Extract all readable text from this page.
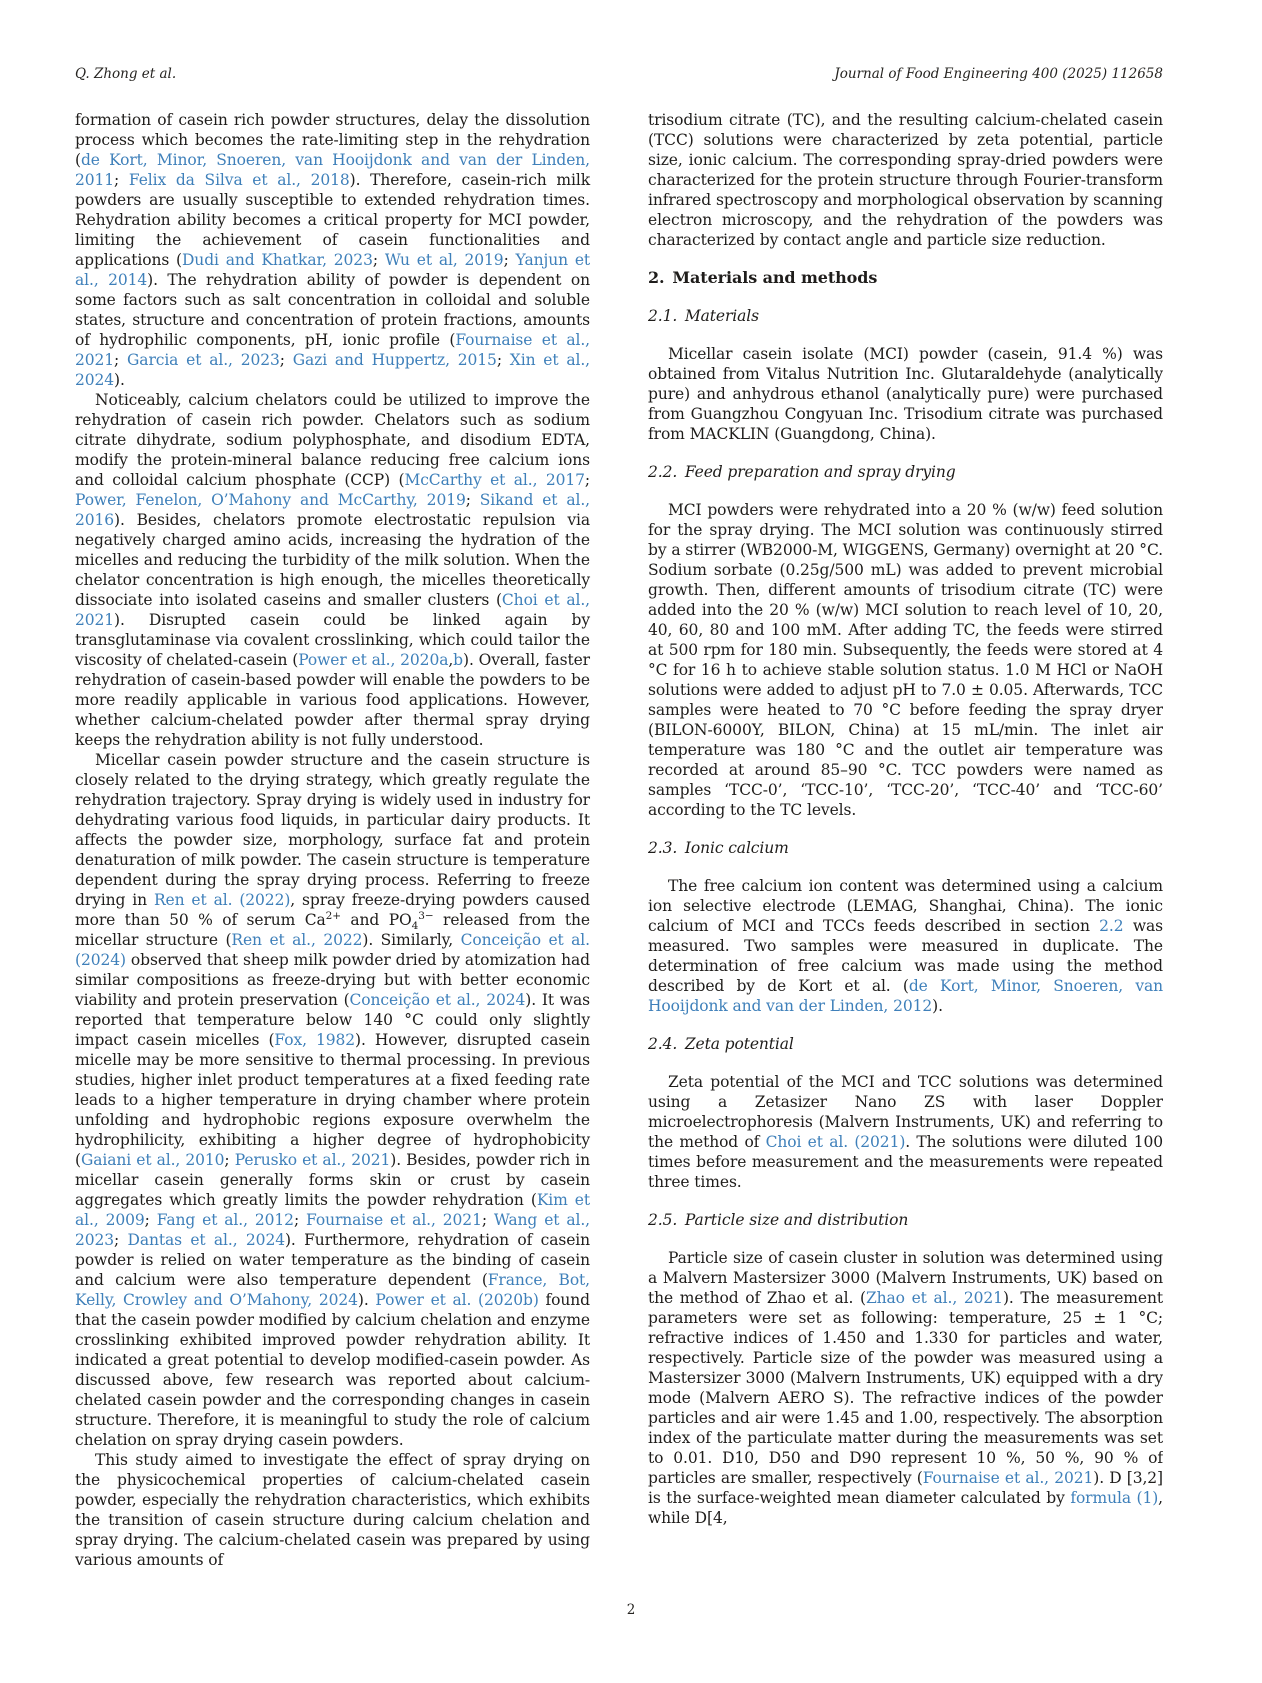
Q. Zhong et al.	Journal of Food Engineering 400 (2025) 112658

formation of casein rich powder structures, delay the dissolution process which becomes the rate-limiting step in the rehydration (de Kort, Minor, Snoeren, van Hooijdonk and van der Linden, 2011; Felix da Silva et al., 2018). Therefore, casein-rich milk powders are usually susceptible to extended rehydration times. Rehydration ability becomes a critical property for MCI powder, limiting the achievement of casein functionalities and applications (Dudi and Khatkar, 2023; Wu et al, 2019; Yanjun et al., 2014). The rehydration ability of powder is dependent on some factors such as salt concentration in colloidal and soluble states, structure and concentration of protein fractions, amounts of hydrophilic components, pH, ionic profile (Fournaise et al., 2021; Garcia et al., 2023; Gazi and Huppertz, 2015; Xin et al., 2024).

Noticeably, calcium chelators could be utilized to improve the rehydration of casein rich powder. Chelators such as sodium citrate dihydrate, sodium polyphosphate, and disodium EDTA, modify the protein-mineral balance reducing free calcium ions and colloidal calcium phosphate (CCP) (McCarthy et al., 2017; Power, Fenelon, O’Mahony and McCarthy, 2019; Sikand et al., 2016). Besides, chelators promote electrostatic repulsion via negatively charged amino acids, increasing the hydration of the micelles and reducing the turbidity of the milk solution. When the chelator concentration is high enough, the micelles theoretically dissociate into isolated caseins and smaller clusters (Choi et al., 2021). Disrupted casein could be linked again by transglutaminase via covalent crosslinking, which could tailor the viscosity of chelated-casein (Power et al., 2020a,b). Overall, faster rehydration of casein-based powder will enable the powders to be more readily applicable in various food applications. However, whether calcium-chelated powder after thermal spray drying keeps the rehydration ability is not fully understood.

Micellar casein powder structure and the casein structure is closely related to the drying strategy, which greatly regulate the rehydration trajectory. Spray drying is widely used in industry for dehydrating various food liquids, in particular dairy products. It affects the powder size, morphology, surface fat and protein denaturation of milk powder. The casein structure is temperature dependent during the spray drying process. Referring to freeze drying in Ren et al. (2022), spray freeze-drying powders caused more than 50 % of serum $Ca^{2+}$ and $PO_4^{3-}$ released from the micellar structure (Ren et al., 2022). Similarly, Conceição et al. (2024) observed that sheep milk powder dried by atomization had similar compositions as freeze-drying but with better economic viability and protein preservation (Conceição et al., 2024). It was reported that temperature below 140 °C could only slightly impact casein micelles (Fox, 1982). However, disrupted casein micelle may be more sensitive to thermal processing. In previous studies, higher inlet product temperatures at a fixed feeding rate leads to a higher temperature in drying chamber where protein unfolding and hydrophobic regions exposure overwhelm the hydrophilicity, exhibiting a higher degree of hydrophobicity (Gaiani et al., 2010; Perusko et al., 2021). Besides, powder rich in micellar casein generally forms skin or crust by casein aggregates which greatly limits the powder rehydration (Kim et al., 2009; Fang et al., 2012; Fournaise et al., 2021; Wang et al., 2023; Dantas et al., 2024). Furthermore, rehydration of casein powder is relied on water temperature as the binding of casein and calcium were also temperature dependent (France, Bot, Kelly, Crowley and O’Mahony, 2024). Power et al. (2020b) found that the casein powder modified by calcium chelation and enzyme crosslinking exhibited improved powder rehydration ability. It indicated a great potential to develop modified-casein powder. As discussed above, few research was reported about calcium-chelated casein powder and the corresponding changes in casein structure. Therefore, it is meaningful to study the role of calcium chelation on spray drying casein powders.

This study aimed to investigate the effect of spray drying on the physicochemical properties of calcium-chelated casein powder, especially the rehydration characteristics, which exhibits the transition of casein structure during calcium chelation and spray drying. The calcium-chelated casein was prepared by using various amounts of

trisodium citrate (TC), and the resulting calcium-chelated casein (TCC) solutions were characterized by zeta potential, particle size, ionic calcium. The corresponding spray-dried powders were characterized for the protein structure through Fourier-transform infrared spectroscopy and morphological observation by scanning electron microscopy, and the rehydration of the powders was characterized by contact angle and particle size reduction.

2. Materials and methods
2.1. Materials

Micellar casein isolate (MCI) powder (casein, 91.4 %) was obtained from Vitalus Nutrition Inc. Glutaraldehyde (analytically pure) and anhydrous ethanol (analytically pure) were purchased from Guangzhou Congyuan Inc. Trisodium citrate was purchased from MACKLIN (Guangdong, China).

2.2. Feed preparation and spray drying

MCI powders were rehydrated into a 20 % (w/w) feed solution for the spray drying. The MCI solution was continuously stirred by a stirrer (WB2000-M, WIGGENS, Germany) overnight at 20 °C. Sodium sorbate (0.25g/500 mL) was added to prevent microbial growth. Then, different amounts of trisodium citrate (TC) were added into the 20 % (w/w) MCI solution to reach level of 10, 20, 40, 60, 80 and 100 mM. After adding TC, the feeds were stirred at 500 rpm for 180 min. Subsequently, the feeds were stored at 4 °C for 16 h to achieve stable solution status. 1.0 M HCl or NaOH solutions were added to adjust pH to 7.0 ± 0.05. Afterwards, TCC samples were heated to 70 °C before feeding the spray dryer (BILON-6000Y, BILON, China) at 15 mL/min. The inlet air temperature was 180 °C and the outlet air temperature was recorded at around 85–90 °C. TCC powders were named as samples ‘TCC-0’, ‘TCC-10’, ‘TCC-20’, ‘TCC-40’ and ‘TCC-60’ according to the TC levels.

2.3. Ionic calcium

The free calcium ion content was determined using a calcium ion selective electrode (LEMAG, Shanghai, China). The ionic calcium of MCI and TCCs feeds described in section 2.2 was measured. Two samples were measured in duplicate. The determination of free calcium was made using the method described by de Kort et al. (de Kort, Minor, Snoeren, van Hooijdonk and van der Linden, 2012).

2.4. Zeta potential

Zeta potential of the MCI and TCC solutions was determined using a Zetasizer Nano ZS with laser Doppler microelectrophoresis (Malvern Instruments, UK) and referring to the method of Choi et al. (2021). The solutions were diluted 100 times before measurement and the measurements were repeated three times.

2.5. Particle size and distribution

Particle size of casein cluster in solution was determined using a Malvern Mastersizer 3000 (Malvern Instruments, UK) based on the method of Zhao et al. (Zhao et al., 2021). The measurement parameters were set as following: temperature, 25 ± 1 °C; refractive indices of 1.450 and 1.330 for particles and water, respectively. Particle size of the powder was measured using a Mastersizer 3000 (Malvern Instruments, UK) equipped with a dry mode (Malvern AERO S). The refractive indices of the powder particles and air were 1.45 and 1.00, respectively. The absorption index of the particulate matter during the measurements was set to 0.01. D10, D50 and D90 represent 10 %, 50 %, 90 % of particles are smaller, respectively (Fournaise et al., 2021). D [3,2] is the surface-weighted mean diameter calculated by formula (1), while D[4,

2
